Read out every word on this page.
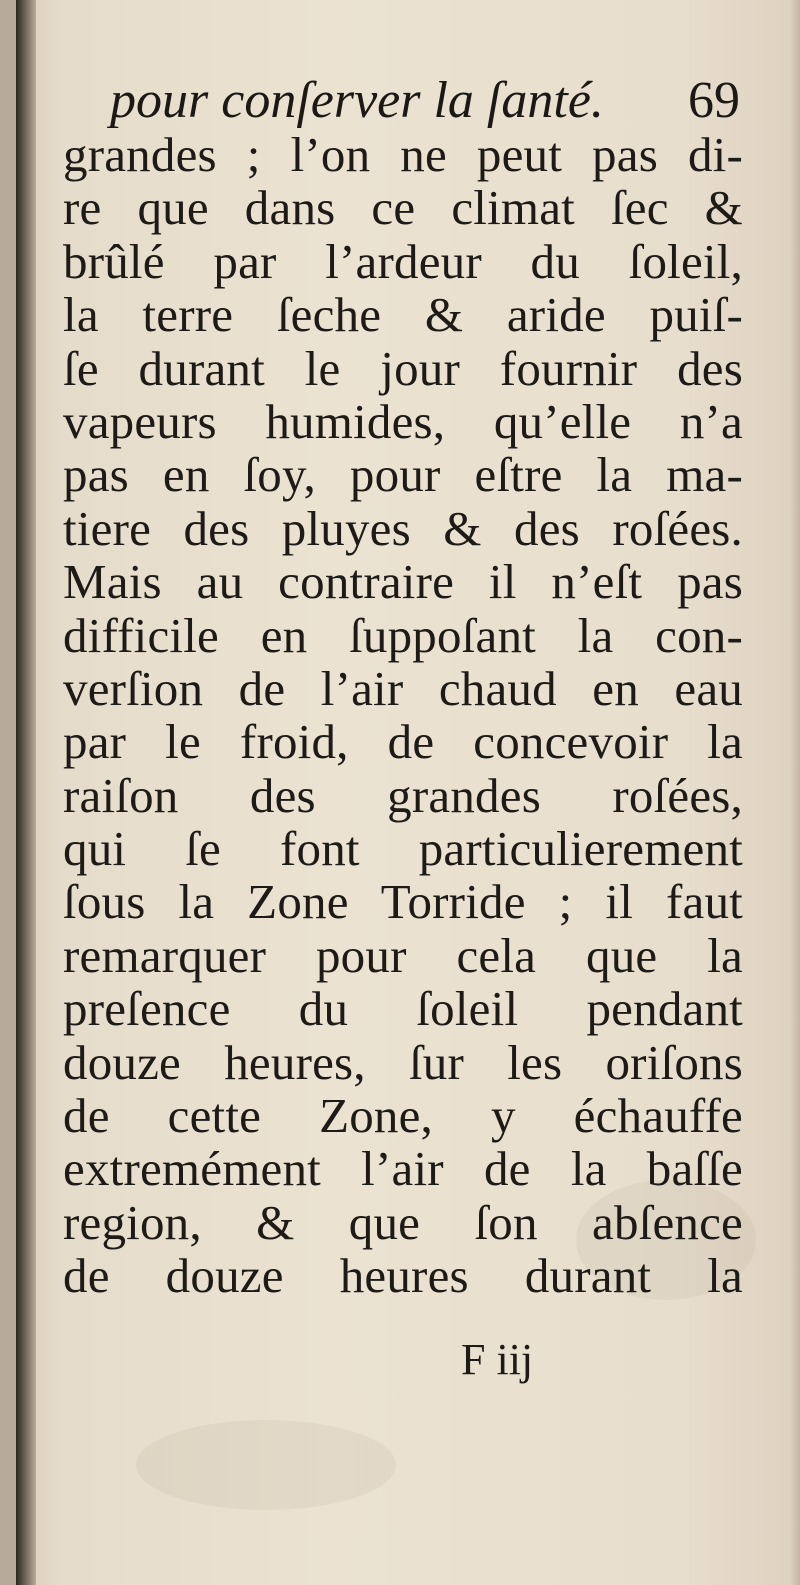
pour conſerver la ſanté. 69
grandes ; l’on ne peut pas di-
re que dans ce climat ſec &
brûlé par l’ardeur du ſoleil,
la terre ſeche & aride puiſ-
ſe durant le jour fournir des
vapeurs humides, qu’elle n’a
pas en ſoy, pour eſtre la ma-
tiere des pluyes & des roſées.
Mais au contraire il n’eſt pas
difficile en ſuppoſant la con-
verſion de l’air chaud en eau
par le froid, de concevoir la
raiſon des grandes roſées,
qui ſe font particulierement
ſous la Zone Torride ; il faut
remarquer pour cela que la
preſence du ſoleil pendant
douze heures, ſur les oriſons
de cette Zone, y échauffe
extremément l’air de la baſſe
region, & que ſon abſence
de douze heures durant la
F iij
